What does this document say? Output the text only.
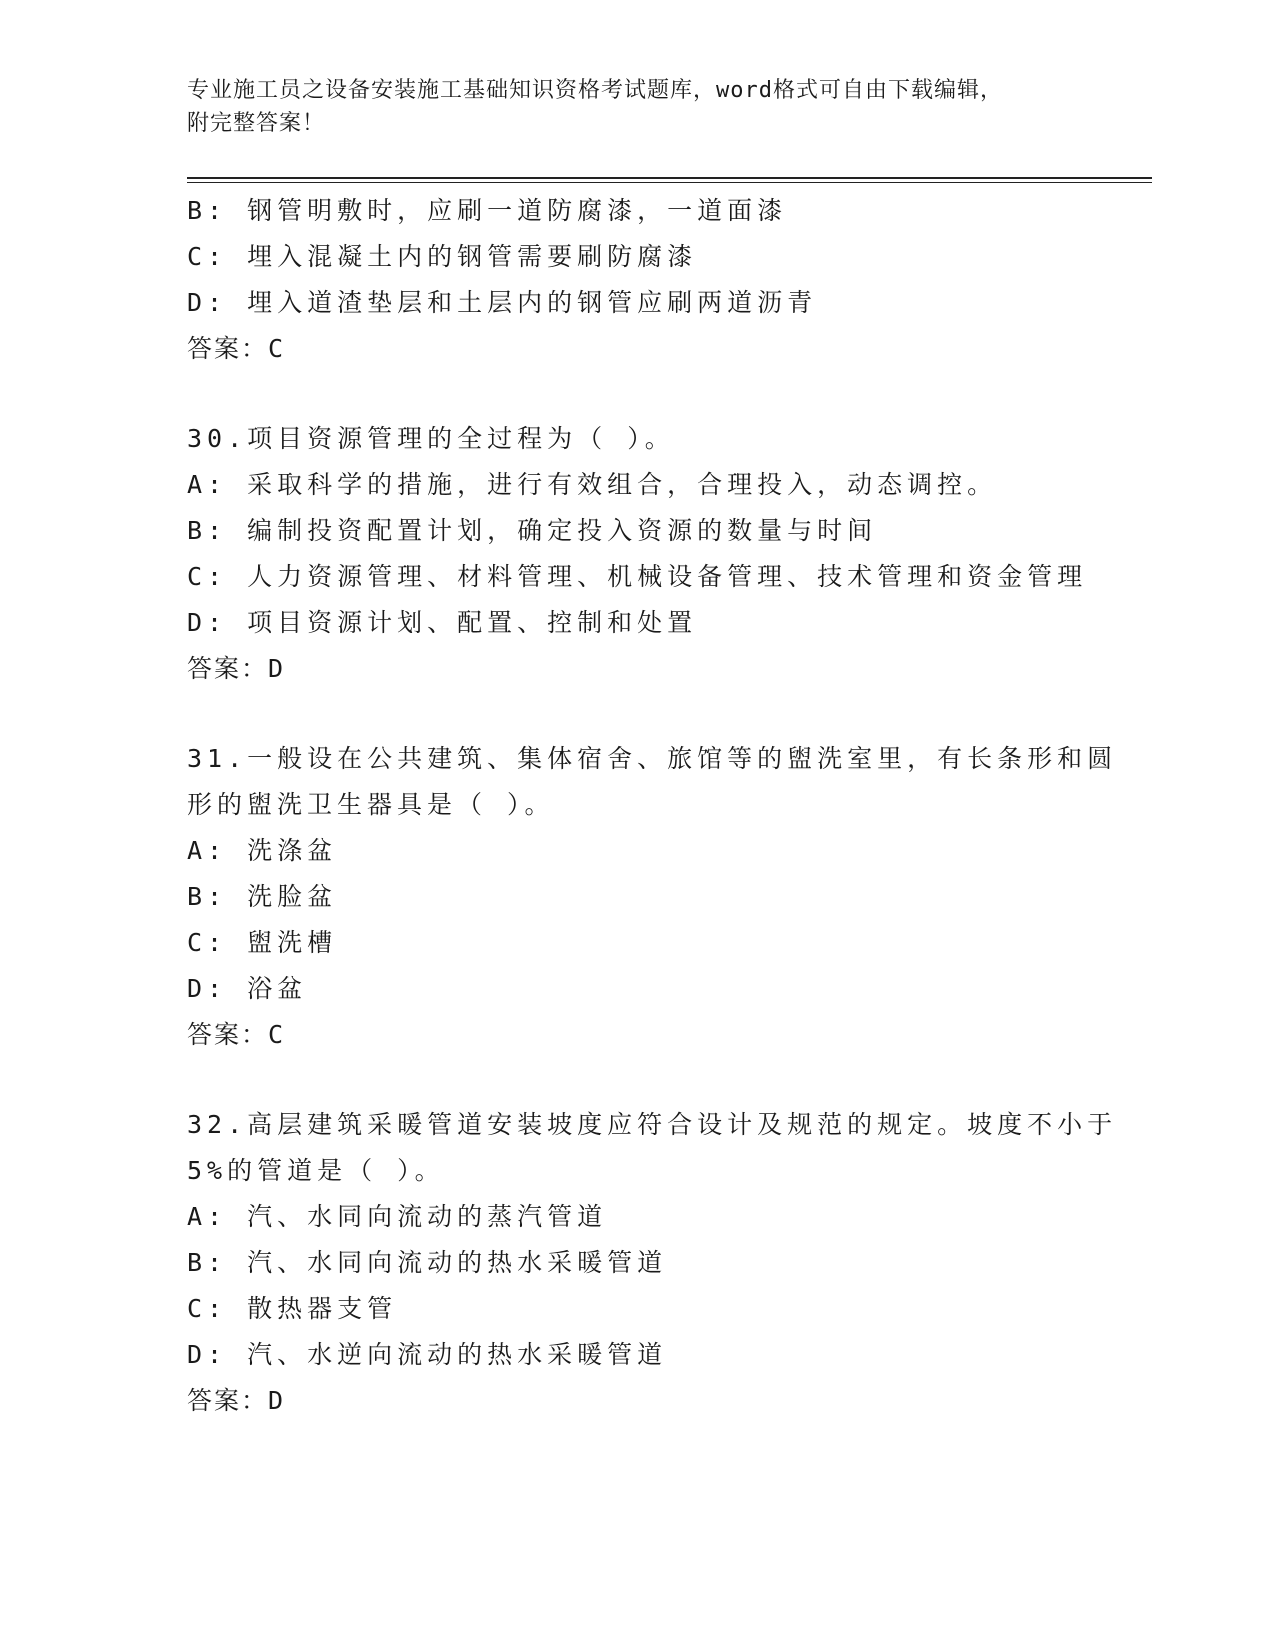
专业施工员之设备安装施工基础知识资格考试题库，word格式可自由下载编辑，
附完整答案！
B: 钢管明敷时，应刷一道防腐漆，一道面漆
C: 埋入混凝土内的钢管需要刷防腐漆
D: 埋入道渣垫层和土层内的钢管应刷两道沥青
答案：C
30.项目资源管理的全过程为（ ）。
A: 采取科学的措施，进行有效组合，合理投入，动态调控。
B: 编制投资配置计划，确定投入资源的数量与时间
C: 人力资源管理、材料管理、机械设备管理、技术管理和资金管理
D: 项目资源计划、配置、控制和处置
答案：D
31.一般设在公共建筑、集体宿舍、旅馆等的盥洗室里，有长条形和圆
形的盥洗卫生器具是（ ）。
A: 洗涤盆
B: 洗脸盆
C: 盥洗槽
D: 浴盆
答案：C
32.高层建筑采暖管道安装坡度应符合设计及规范的规定。坡度不小于
5%的管道是（ ）。
A: 汽、水同向流动的蒸汽管道
B: 汽、水同向流动的热水采暖管道
C: 散热器支管
D: 汽、水逆向流动的热水采暖管道
答案：D
